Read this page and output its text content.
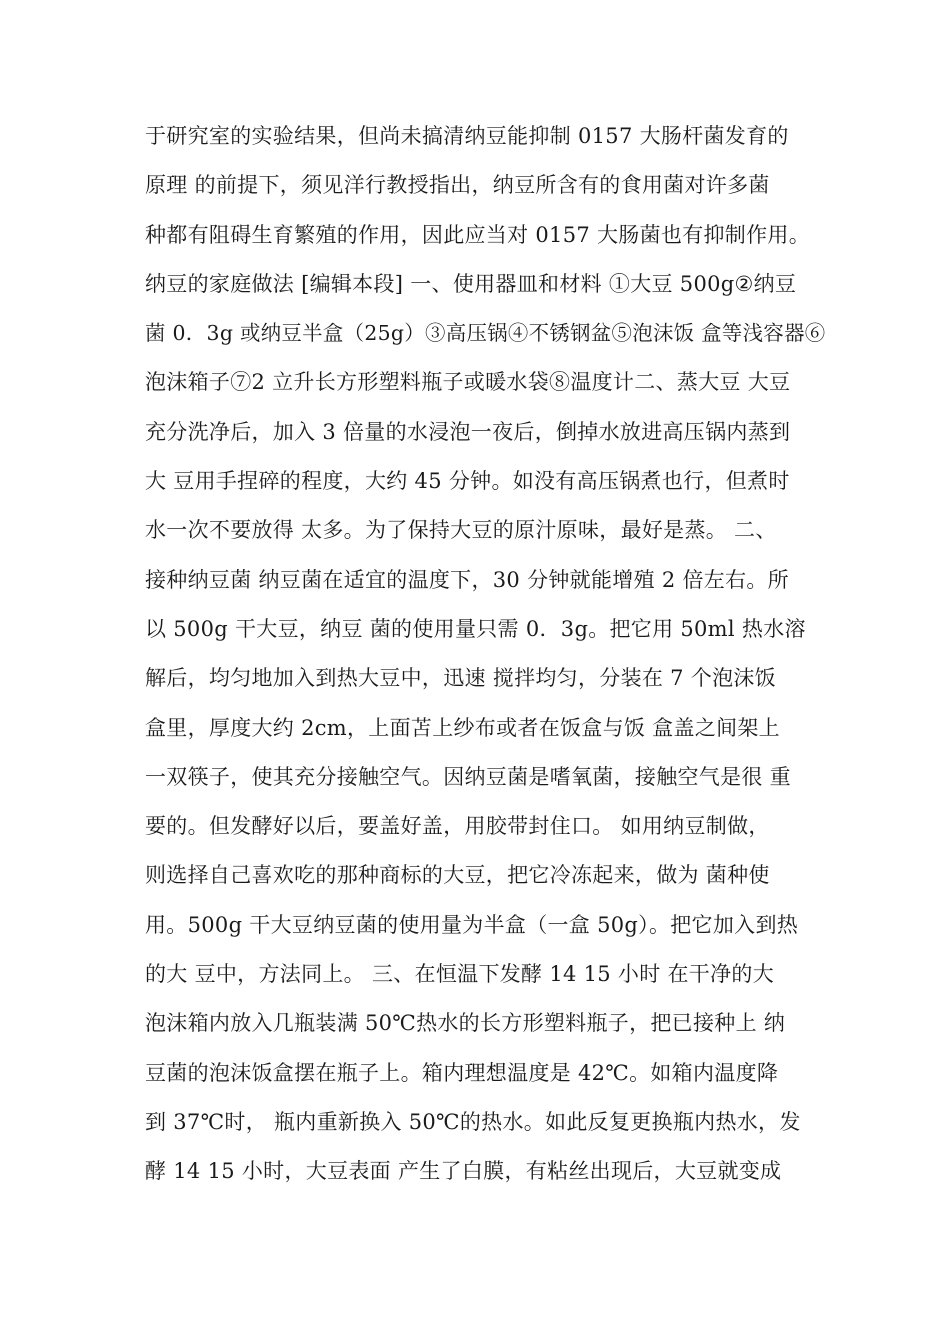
于研究室的实验结果，但尚未搞清纳豆能抑制 0157 大肠杆菌发育的
原理 的前提下，须见洋行教授指出，纳豆所含有的食用菌对许多菌
种都有阻碍生育繁殖的作用，因此应当对 0157 大肠菌也有抑制作用。
纳豆的家庭做法 [编辑本段] 一、使用器皿和材料 ①大豆 500g②纳豆
菌 0．3g 或纳豆半盒（25g）③高压锅④不锈钢盆⑤泡沫饭 盒等浅容器⑥
泡沫箱子⑦2 立升长方形塑料瓶子或暖水袋⑧温度计二、蒸大豆 大豆
充分洗净后，加入 3 倍量的水浸泡一夜后，倒掉水放进高压锅内蒸到
大 豆用手捏碎的程度，大约 45 分钟。如没有高压锅煮也行，但煮时
水一次不要放得 太多。为了保持大豆的原汁原味，最好是蒸。 二、
接种纳豆菌 纳豆菌在适宜的温度下，30 分钟就能增殖 2 倍左右。所
以 500g 干大豆，纳豆 菌的使用量只需 0．3g。把它用 50ml 热水溶
解后，均匀地加入到热大豆中，迅速 搅拌均匀，分装在 7 个泡沫饭
盒里，厚度大约 2cm，上面苫上纱布或者在饭盒与饭 盒盖之间架上
一双筷子，使其充分接触空气。因纳豆菌是嗜氧菌，接触空气是很 重
要的。但发酵好以后，要盖好盖，用胶带封住口。 如用纳豆制做，
则选择自己喜欢吃的那种商标的大豆，把它冷冻起来，做为 菌种使
用。500g 干大豆纳豆菌的使用量为半盒（一盒 50g）。把它加入到热
的大 豆中，方法同上。 三、在恒温下发酵 14 15 小时 在干净的大
泡沫箱内放入几瓶装满 50℃热水的长方形塑料瓶子，把已接种上 纳
豆菌的泡沫饭盒摆在瓶子上。箱内理想温度是 42℃。如箱内温度降
到 37℃时， 瓶内重新换入 50℃的热水。如此反复更换瓶内热水，发
酵 14 15 小时，大豆表面 产生了白膜，有粘丝出现后，大豆就变成
